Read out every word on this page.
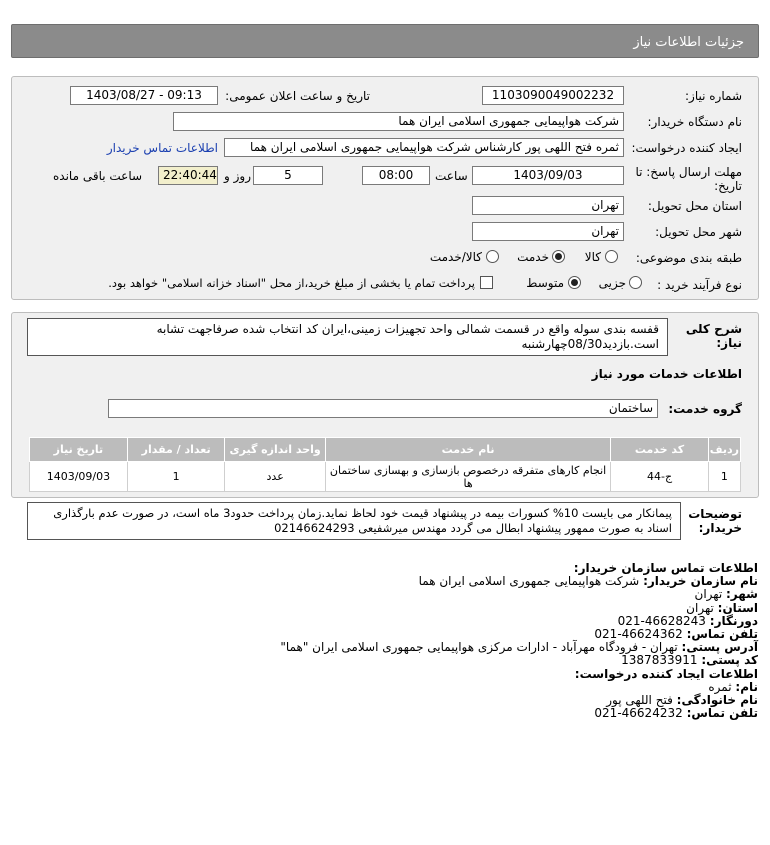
جزئیات اطلاعات نیاز
شماره نیاز:
1103090049002232
تاریخ و ساعت اعلان عمومی:
1403/08/27 - 09:13
نام دستگاه خریدار:
شرکت هواپیمایی جمهوری اسلامی ایران هما
ایجاد کننده درخواست:
ثمره فتح اللهی پور کارشناس شرکت هواپیمایی جمهوری اسلامی ایران هما
اطلاعات تماس خریدار
مهلت ارسال پاسخ: تا
تاریخ:
1403/09/03
ساعت
08:00
5
روز و
22:40:44
ساعت باقی مانده
استان محل تحویل:
تهران
شهر محل تحویل:
تهران
طبقه بندی موضوعی:
کالا
خدمت
کالا/خدمت
نوع فرآیند خرید :
جزیی
متوسط
پرداخت تمام یا بخشی از مبلغ خرید،از محل "اسناد خزانه اسلامی" خواهد بود.
شرح کلی
نیاز:
قفسه بندی سوله واقع در قسمت شمالی واحد تجهیزات زمینی،ایران کد انتخاب شده صرفاجهت تشابه
است.بازدید08/30چهارشنبه
اطلاعات خدمات مورد نیاز
گروه خدمت:
ساختمان
ردیف	کد خدمت	نام خدمت	واحد اندازه گیری	تعداد / مقدار	تاریخ نیاز
1	ج-44	انجام کارهای متفرقه درخصوص بازسازی و بهسازی ساختمان
ها	عدد	1	1403/09/03
توضیحات
خریدار:
پیمانکار می بایست 10% کسورات بیمه در پیشنهاد قیمت خود لحاظ نماید.زمان پرداخت حدود3 ماه است، در صورت عدم بارگذاری
اسناد به صورت ممهور پیشنهاد ابطال می گردد مهندس میرشفیعی 02146624293
اطلاعات تماس سازمان خریدار:
نام سازمان خریدار: شرکت هواپیمایی جمهوری اسلامی ایران هما
شهر: تهران
استان: تهران
دورنگار: 46628243-021
تلفن تماس: 46624362-021
آدرس پستی: تهران - فرودگاه مهرآباد - ادارات مرکزی هواپیمایی جمهوری اسلامی ایران "هما"
کد پستی: 1387833911
اطلاعات ایجاد کننده درخواست:
نام: ثمره
نام خانوادگی: فتح اللهی پور
تلفن تماس: 46624232-021
